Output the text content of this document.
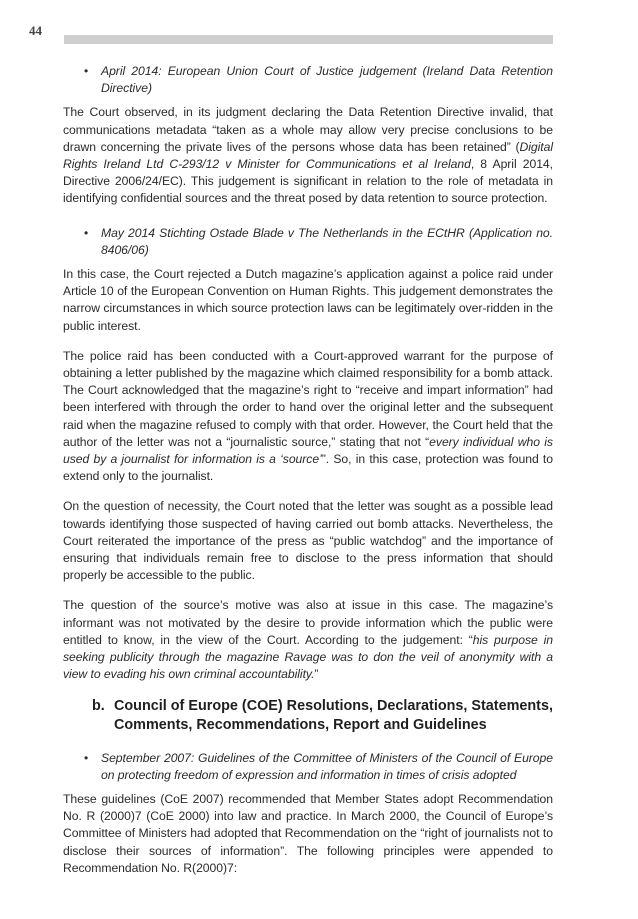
44
• April 2014: European Union Court of Justice judgement (Ireland Data Retention Directive)

The Court observed, in its judgment declaring the Data Retention Directive invalid, that communications metadata “taken as a whole may allow very precise conclusions to be drawn concerning the private lives of the persons whose data has been retained” (Digital Rights Ireland Ltd C-293/12 v Minister for Communications et al Ireland, 8 April 2014, Directive 2006/24/EC). This judgement is significant in relation to the role of metadata in identifying confidential sources and the threat posed by data retention to source protection.

• May 2014 Stichting Ostade Blade v The Netherlands in the ECtHR (Application no. 8406/06)

In this case, the Court rejected a Dutch magazine’s application against a police raid under Article 10 of the European Convention on Human Rights. This judgement demonstrates the narrow circumstances in which source protection laws can be legitimately over-ridden in the public interest.

The police raid has been conducted with a Court-approved warrant for the purpose of obtaining a letter published by the magazine which claimed responsibility for a bomb attack. The Court acknowledged that the magazine’s right to “receive and impart information” had been interfered with through the order to hand over the original letter and the subsequent raid when the magazine refused to comply with that order. However, the Court held that the author of the letter was not a “journalistic source,” stating that not “every individual who is used by a journalist for information is a ‘source’”. So, in this case, protection was found to extend only to the journalist.

On the question of necessity, the Court noted that the letter was sought as a possible lead towards identifying those suspected of having carried out bomb attacks. Nevertheless, the Court reiterated the importance of the press as “public watchdog” and the importance of ensuring that individuals remain free to disclose to the press information that should properly be accessible to the public.

The question of the source’s motive was also at issue in this case. The magazine’s informant was not motivated by the desire to provide information which the public were entitled to know, in the view of the Court. According to the judgement: “his purpose in seeking publicity through the magazine Ravage was to don the veil of anonymity with a view to evading his own criminal accountability.”

b. Council of Europe (COE) Resolutions, Declarations, Statements, Comments, Recommendations, Report and Guidelines
• September 2007: Guidelines of the Committee of Ministers of the Council of Europe on protecting freedom of expression and information in times of crisis adopted

These guidelines (CoE 2007) recommended that Member States adopt Recommendation No. R (2000)7 (CoE 2000) into law and practice. In March 2000, the Council of Europe’s Committee of Ministers had adopted that Recommendation on the “right of journalists not to disclose their sources of information”. The following principles were appended to Recommendation No. R(2000)7:
